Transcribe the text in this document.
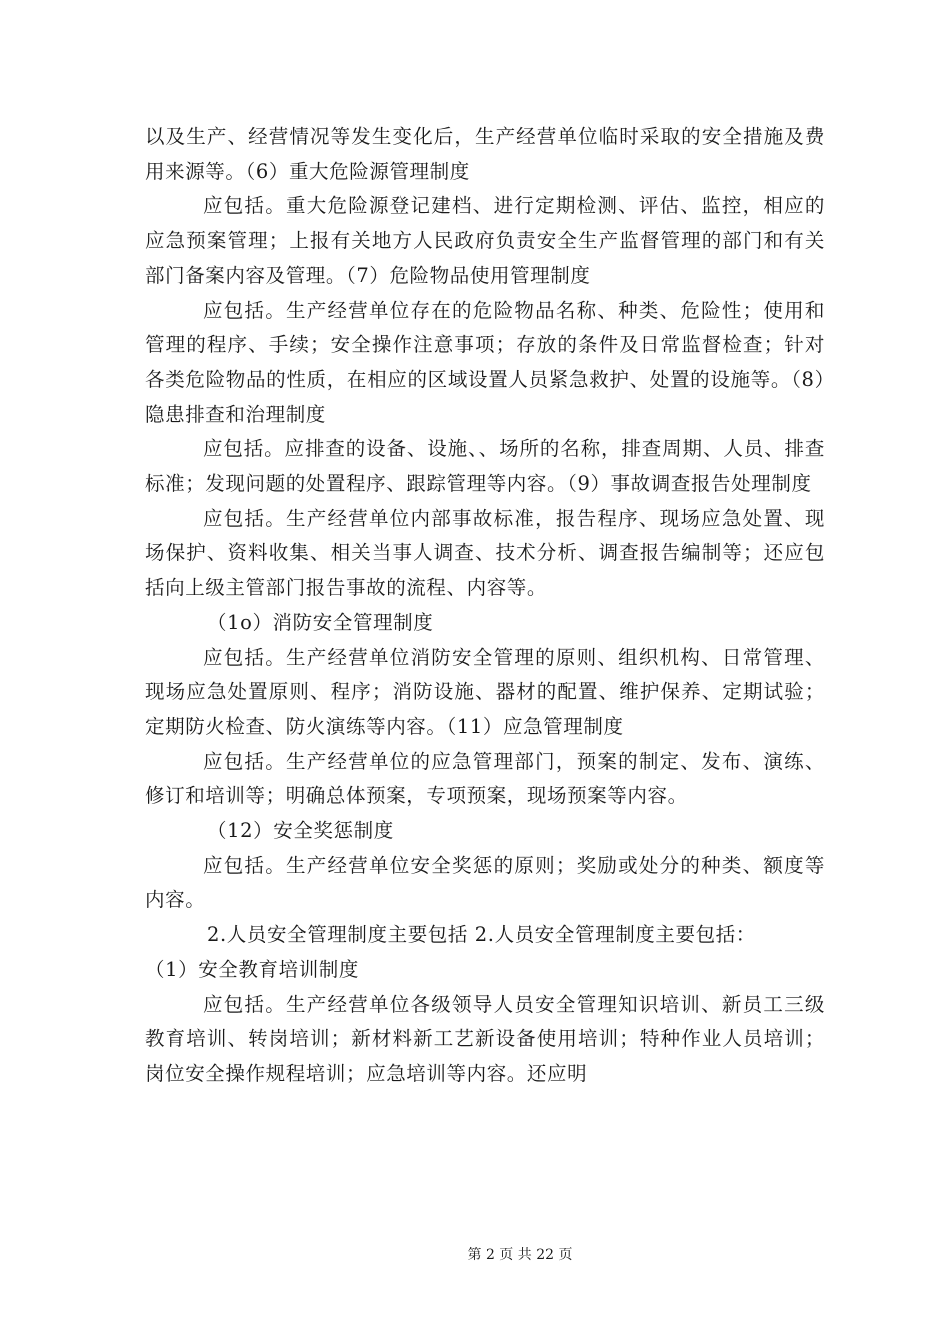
以及生产、经营情况等发生变化后，生产经营单位临时采取的安全措施及费用来源等。（6）重大危险源管理制度

应包括。重大危险源登记建档、进行定期检测、评估、监控，相应的应急预案管理；上报有关地方人民政府负责安全生产监督管理的部门和有关部门备案内容及管理。（7）危险物品使用管理制度

应包括。生产经营单位存在的危险物品名称、种类、危险性；使用和管理的程序、手续；安全操作注意事项；存放的条件及日常监督检查；针对各类危险物品的性质，在相应的区域设置人员紧急救护、处置的设施等。（8）隐患排查和治理制度

应包括。应排查的设备、设施、、场所的名称，排查周期、人员、排查标准；发现问题的处置程序、跟踪管理等内容。（9）事故调查报告处理制度

应包括。生产经营单位内部事故标准，报告程序、现场应急处置、现场保护、资料收集、相关当事人调查、技术分析、调查报告编制等；还应包括向上级主管部门报告事故的流程、内容等。

（1o）消防安全管理制度

应包括。生产经营单位消防安全管理的原则、组织机构、日常管理、现场应急处置原则、程序；消防设施、器材的配置、维护保养、定期试验；定期防火检查、防火演练等内容。（11）应急管理制度

应包括。生产经营单位的应急管理部门，预案的制定、发布、演练、修订和培训等；明确总体预案，专项预案，现场预案等内容。

（12）安全奖惩制度

应包括。生产经营单位安全奖惩的原则；奖励或处分的种类、额度等内容。

2.人员安全管理制度主要包括 2.人员安全管理制度主要包括：

（1）安全教育培训制度

应包括。生产经营单位各级领导人员安全管理知识培训、新员工三级教育培训、转岗培训；新材料新工艺新设备使用培训；特种作业人员培训；岗位安全操作规程培训；应急培训等内容。还应明

第 2 页 共 22 页
